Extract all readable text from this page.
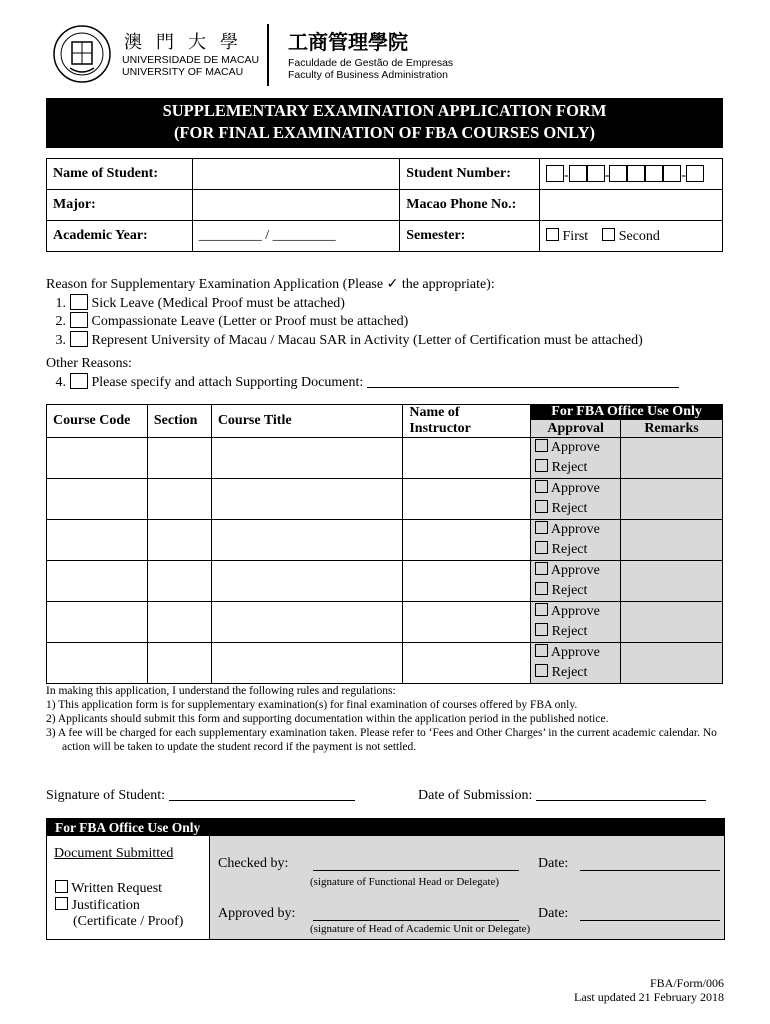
澳門大學
UNIVERSIDADE DE MACAU
UNIVERSITY OF MACAU
工商管理學院
Faculdade de Gestão de Empresas
Faculty of Business Administration
SUPPLEMENTARY EXAMINATION APPLICATION FORM
(FOR FINAL EXAMINATION OF FBA COURSES ONLY)
Name of Student:		Student Number:	- - -
Major:		Macao Phone No.:	
Academic Year:	_________ / _________	Semester:	First Second
Reason for Supplementary Examination Application (Please ✓ the appropriate):
1. Sick Leave (Medical Proof must be attached)
2. Compassionate Leave (Letter or Proof must be attached)
3. Represent University of Macau / Macau SAR in Activity (Letter of Certification must be attached)
Other Reasons:
4. Please specify and attach Supporting Document:
Course Code	Section	Course Title	Name of Instructor	For FBA Office Use Only	
				Approval	Remarks

				Approve
Reject	

				Approve
Reject	

				Approve
Reject	

				Approve
Reject	

				Approve
Reject	

				Approve
Reject	

In making this application, I understand the following rules and regulations:
1) This application form is for supplementary examination(s) for final examination of courses offered by FBA only.
2) Applicants should submit this form and supporting documentation within the application period in the published notice.
3) A fee will be charged for each supplementary examination taken. Please refer to ‘Fees and Other Charges’ in the current academic calendar. No action will be taken to update the student record if the payment is not settled.
Signature of Student:	Date of Submission:
For FBA Office Use Only
Document Submitted
Written Request
Justification
(Certificate / Proof)
Checked by:	Date:
(signature of Functional Head or Delegate)
Approved by:	Date:
(signature of Head of Academic Unit or Delegate)
FBA/Form/006
Last updated 21 February 2018
